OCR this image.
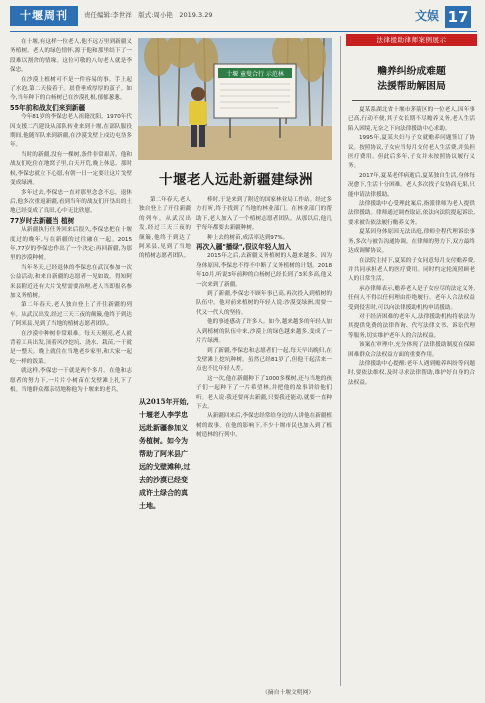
十堰周刊	责任编辑:李世祥　版式:周小艳　2019.3.29	文娱 17

在十堰,有这样一位老人,他不远万里到新疆义务植树。老人的绿色情怀,源于他和那里结下了一段难以割舍的情缘。这位可敬的八旬老人就是李保忠。

在沙漠上植树可不是一件容易的事。手上起了水泡,第二天接着干。晨昏垂成厚厚的茧子。如今,当年种下的白杨树已在沙漠扎根,郁郁葱葱。

55年前和战友们来到新疆

今年81岁的李保忠老人祖籍沈阳。1970年代因支援二汽建设从部队转业来到十堰,在部队服役期间,他随军队来到新疆,在沙漠戈壁上戍边屯垦多年。

当时的新疆,没有一棵树,条件非常艰苦。他和战友们吃住在地窝子里,白天开荒,晚上休息。那时候,李保忠就立下心愿,有朝一日一定要让这片戈壁变成绿洲。

多年过去,李保忠一直对那里念念不忘。退休后,他多次重返新疆,看到当年的战友们开垦出的土地已经变成了良田,心中无比欣慰。

77岁时去新疆当 植树

从新疆执行任务回来后很久,李保忠把在十堰度过的晚年,与在新疆的过往融在一起。2015年,77岁的李保忠作出了一个决定:再回新疆,为那里的沙漠种树。

当年冬天,已经退休的李保忠在武汉参加一次公益活动,和来自新疆的志愿者一见如故。得知阿米县附近还有大片戈壁需要治理,老人当即报名参加义务植树。

第二年春天,老人独自登上了开往新疆的列车。从武汉出发,经过三天三夜的颠簸,他终于到达了阿米县,见到了当地的植树志愿者团队。

在沙漠中种树非常艰难。每天天刚亮,老人就背着工具出发,顶着风沙挖坑、浇水、栽苗,一干就是一整天。晚上就住在当地老乡家里,和大家一起吃一样的饭菜。

就这样,李保忠一干就是两个多月。在他和志愿者的努力下,一片片小树苗在戈壁滩上扎下了根。当地群众都亲切地称他为十堰来的老兵。

十堰 童叟合行 示范林
十堰老人远赴新疆建绿洲

棒时,于是来到了附近的国家林业局工作站。经过多方打听,终于找到了当地的林业部门。在林业部门的帮助下,老人加入了一个植树志愿者团队。从那以后,他几乎每年都要去新疆种树。

种上去的树苗,成活率达到97%。

再次入疆"播绿",很议年轻人加入

2015年之后,去新疆义务植树的人越来越多。因为身体原因,李保忠不得不中断了义务植树的计划。2018年10月,听说3年前种的白杨树已经长到了3米多高,他又一次来到了新疆。

到了新疆,李保忠不顾年事已高,再次投入到植树的队伍中。他对前来植树的年轻人说:沙漠变绿洲,需要一代又一代人的坚持。

他的事迹感动了许多人。如今,越来越多的年轻人加入到植树的队伍中来,沙漠上的绿色越来越多,变成了一片片绿洲。

到了新疆,李保忠和志愿者们一起,每天早出晚归,在戈壁滩上挖坑种树。虽然已经81岁了,但他干起活来一点也不比年轻人差。

这一次,他在新疆种下了1000多棵树,还与当地的孩子们一起种下了一片希望林,并把他的故事讲给他们听。老人说:我还要再去新疆,只要我还能动,就要一直种下去。

从新疆回来后,李保忠经常给身边的人讲他在新疆植树的故事。在他的影响下,不少十堰市民也加入到了植树造林的行列中。

第二年春天,老人独自登上了开往新疆的列车。从武汉出发,经过三天三夜的颠簸,他终于到达了阿米县,见到了当地的植树志愿者团队。

从2015年开始,十堰老人李学忠远赴新疆参加义务植树。如今为帮助了阿米县广远的戈壁滩种,过去的沙漠已经变成许土绿合的真土地。
（摘自十堰文明网）
法律援助律师案例展示
赡养纠纷成难题
法援帮助解困局

夏某系湖北省十堰市茅箭区的一位老人,因年事已高,行动不便,其子女长期不尽赡养义务,老人生活陷入困境,无奈之下向法律援助中心求助。

1995年,夏某夫妇与子女就赡养问题签订了协议。按照协议,子女应当每月支付老人生活费,并负担医疗费用。但此后多年,子女并未按照协议履行义务。

2017年,夏某老伴病逝后,夏某独自生活,身体每况愈下,生活十分困难。老人多次找子女协商无果,只能申请法律援助。

法律援助中心受理此案后,指派律师为老人提供法律援助。律师通过调查取证,依法向法院提起诉讼,要求被告依法履行赡养义务。

夏某因身体原因无法出庭,律师全程代理诉讼事务,多次与被告沟通协调。在律师的努力下,双方最终达成调解协议。

在法院主持下,夏某的子女同意每月支付赡养费,并共同承担老人的医疗费用。同时约定轮流照顾老人的日常生活。

承办律师表示,赡养老人是子女应尽的法定义务,任何人不得以任何理由拒绝履行。老年人合法权益受到侵害时,可以向法律援助机构申请援助。

对于经济困难的老年人,法律援助机构将依法为其提供免费的法律咨询、代写法律文书、诉讼代理等服务,切实维护老年人的合法权益。

该案在审理中,充分体现了法律援助制度在保障困难群众合法权益方面的重要作用。

法律援助中心提醒:老年人遇到赡养纠纷等问题时,要依法维权,及时寻求法律帮助,维护好自身的合法权益。
